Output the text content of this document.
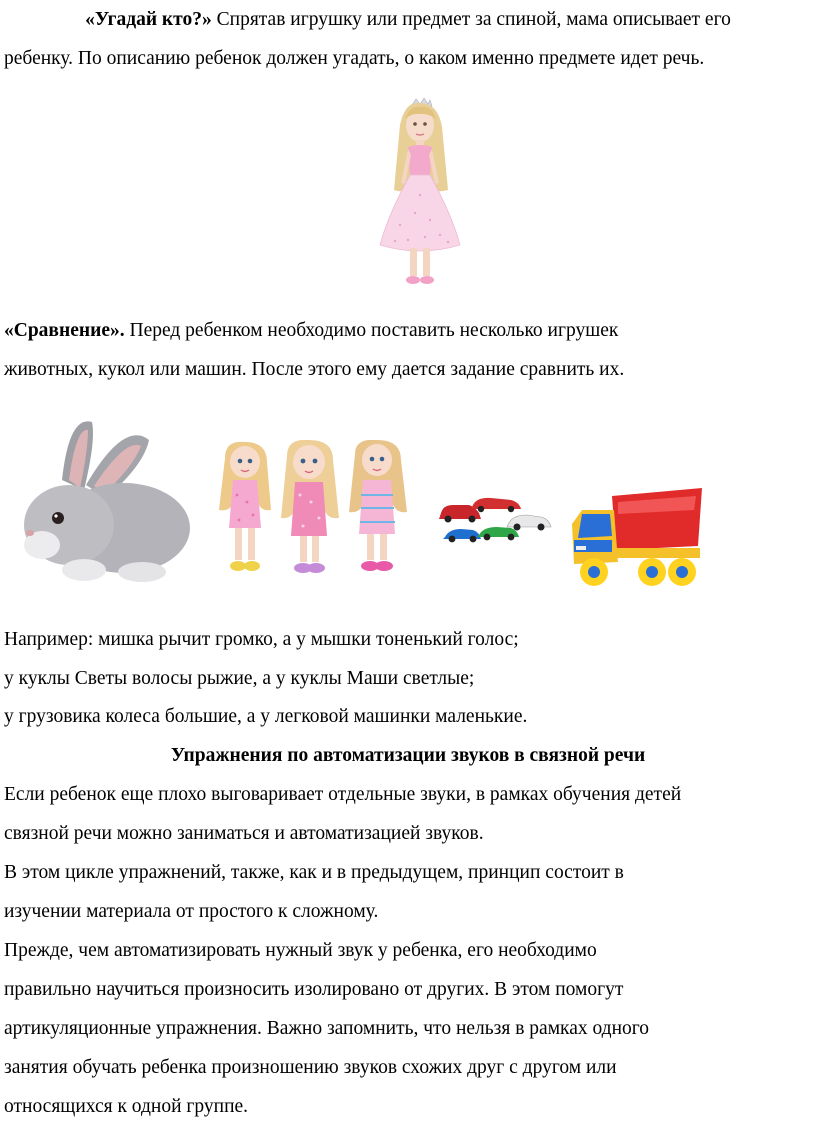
«Угадай кто?» Спрятав игрушку или предмет за спиной, мама описывает его

ребенку. По описанию ребенок должен угадать, о каком именно предмете идет речь.

«Сравнение». Перед ребенком необходимо поставить несколько игрушек

животных, кукол или машин. После этого ему дается задание сравнить их.

Например: мишка рычит громко, а у мышки тоненький голос;

у куклы Светы волосы рыжие, а у куклы Маши светлые;

у грузовика колеса большие, а у легковой машинки маленькие.

Упражнения по автоматизации звуков в связной речи

Если ребенок еще плохо выговаривает отдельные звуки, в рамках обучения детей

связной речи можно заниматься и автоматизацией звуков.

В этом цикле упражнений, также, как и в предыдущем, принцип состоит в

изучении материала от простого к сложному.

Прежде, чем автоматизировать нужный звук у ребенка, его необходимо

правильно научиться произносить изолировано от других. В этом помогут

артикуляционные упражнения. Важно запомнить, что нельзя в рамках одного

занятия обучать ребенка произношению звуков схожих друг с другом или

относящихся к одной группе.
